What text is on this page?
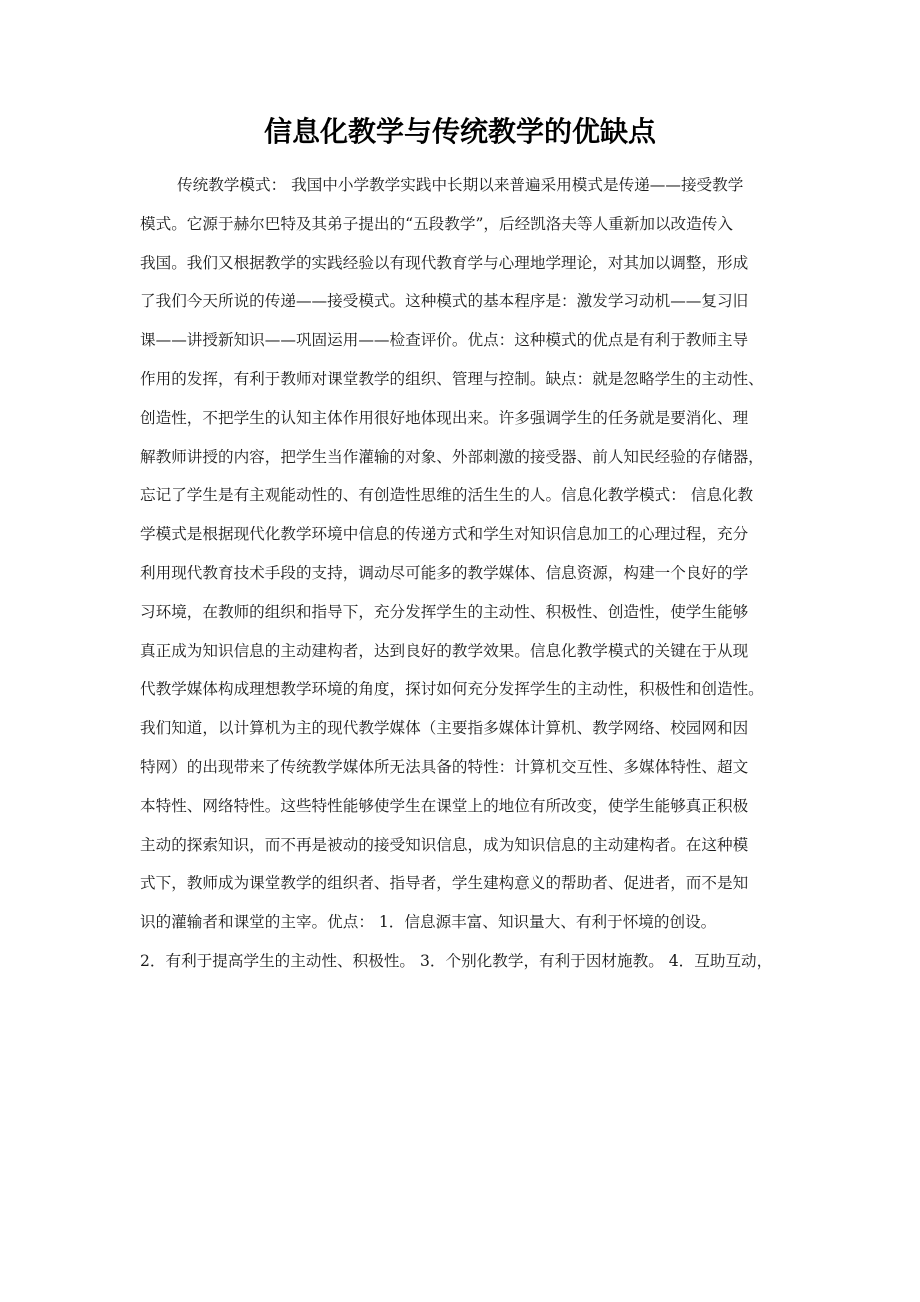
信息化教学与传统教学的优缺点
传统教学模式： 我国中小学教学实践中长期以来普遍采用模式是传递——接受教学
模式。它源于赫尔巴特及其弟子提出的“五段教学”，后经凯洛夫等人重新加以改造传入
我国。我们又根据教学的实践经验以有现代教育学与心理地学理论，对其加以调整，形成
了我们今天所说的传递——接受模式。这种模式的基本程序是：激发学习动机——复习旧
课——讲授新知识——巩固运用——检查评价。优点：这种模式的优点是有利于教师主导
作用的发挥，有利于教师对课堂教学的组织、管理与控制。缺点：就是忽略学生的主动性、
创造性，不把学生的认知主体作用很好地体现出来。许多强调学生的任务就是要消化、理
解教师讲授的内容，把学生当作灌输的对象、外部刺激的接受器、前人知民经验的存储器，
忘记了学生是有主观能动性的、有创造性思维的活生生的人。信息化教学模式： 信息化教
学模式是根据现代化教学环境中信息的传递方式和学生对知识信息加工的心理过程，充分
利用现代教育技术手段的支持，调动尽可能多的教学媒体、信息资源，构建一个良好的学
习环境，在教师的组织和指导下，充分发挥学生的主动性、积极性、创造性，使学生能够
真正成为知识信息的主动建构者，达到良好的教学效果。信息化教学模式的关键在于从现
代教学媒体构成理想教学环境的角度，探讨如何充分发挥学生的主动性，积极性和创造性。
我们知道，以计算机为主的现代教学媒体（主要指多媒体计算机、教学网络、校园网和因
特网）的出现带来了传统教学媒体所无法具备的特性：计算机交互性、多媒体特性、超文
本特性、网络特性。这些特性能够使学生在课堂上的地位有所改变，使学生能够真正积极
主动的探索知识，而不再是被动的接受知识信息，成为知识信息的主动建构者。在这种模
式下，教师成为课堂教学的组织者、指导者，学生建构意义的帮助者、促进者，而不是知
识的灌输者和课堂的主宰。优点： 1．信息源丰富、知识量大、有利于怀境的创设。
2．有利于提高学生的主动性、积极性。 3．个别化教学，有利于因材施教。 4．互助互动，
